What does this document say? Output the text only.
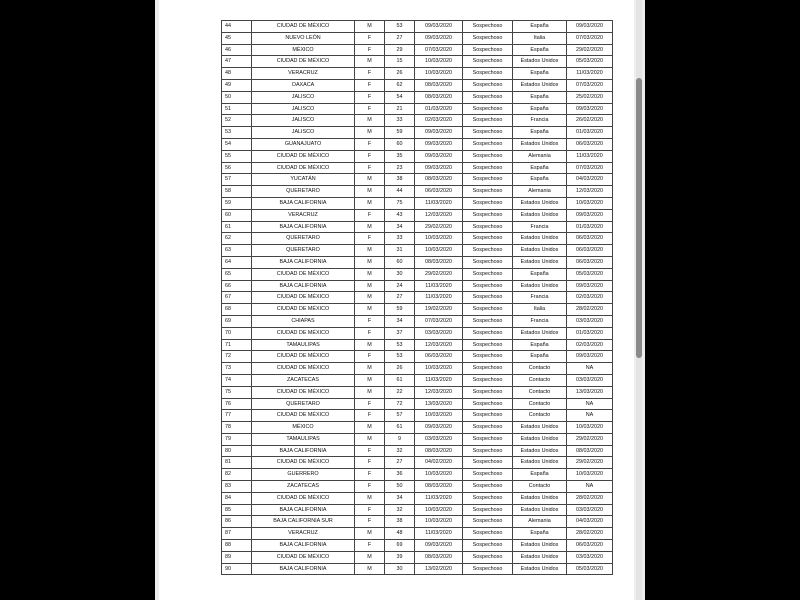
44	CIUDAD DE MÉXICO	M	53	09/03/2020	Sospechoso	España	09/03/2020
45	NUEVO LEÓN	F	27	09/03/2020	Sospechoso	Italia	07/03/2020
46	MÉXICO	F	29	07/03/2020	Sospechoso	España	29/02/2020
47	CIUDAD DE MÉXICO	M	15	10/03/2020	Sospechoso	Estados Unidos	05/03/2020
48	VERACRUZ	F	26	10/03/2020	Sospechoso	España	11/03/2020
49	OAXACA	F	62	08/03/2020	Sospechoso	Estados Unidos	07/03/2020
50	JALISCO	F	54	08/03/2020	Sospechoso	España	25/02/2020
51	JALISCO	F	21	01/03/2020	Sospechoso	España	09/03/2020
52	JALISCO	M	33	02/03/2020	Sospechoso	Francia	26/02/2020
53	JALISCO	M	59	09/03/2020	Sospechoso	España	01/03/2020
54	GUANAJUATO	F	60	09/03/2020	Sospechoso	Estados Unidos	06/03/2020
55	CIUDAD DE MÉXICO	F	35	09/03/2020	Sospechoso	Alemania	11/03/2020
56	CIUDAD DE MÉXICO	F	23	09/03/2020	Sospechoso	España	07/03/2020
57	YUCATÁN	M	38	08/03/2020	Sospechoso	España	04/03/2020
58	QUERETARO	M	44	06/03/2020	Sospechoso	Alemania	12/03/2020
59	BAJA CALIFORNIA	M	75	11/03/2020	Sospechoso	Estados Unidos	10/03/2020
60	VERACRUZ	F	43	12/03/2020	Sospechoso	Estados Unidos	09/03/2020
61	BAJA CALIFORNIA	M	34	29/02/2020	Sospechoso	Francia	01/03/2020
62	QUERETARO	F	33	10/03/2020	Sospechoso	Estados Unidos	06/03/2020
63	QUERETARO	M	31	10/03/2020	Sospechoso	Estados Unidos	06/03/2020
64	BAJA CALIFORNIA	M	60	08/03/2020	Sospechoso	Estados Unidos	06/03/2020
65	CIUDAD DE MÉXICO	M	30	29/02/2020	Sospechoso	España	05/03/2020
66	BAJA CALIFORNIA	M	24	11/03/2020	Sospechoso	Estados Unidos	09/03/2020
67	CIUDAD DE MÉXICO	M	27	11/03/2020	Sospechoso	Francia	02/03/2020
68	CIUDAD DE MÉXICO	M	59	19/02/2020	Sospechoso	Italia	28/02/2020
69	CHIAPAS	F	34	07/03/2020	Sospechoso	Francia	03/03/2020
70	CIUDAD DE MÉXICO	F	37	03/03/2020	Sospechoso	Estados Unidos	01/03/2020
71	TAMAULIPAS	M	53	12/03/2020	Sospechoso	España	02/03/2020
72	CIUDAD DE MÉXICO	F	53	06/03/2020	Sospechoso	España	09/03/2020
73	CIUDAD DE MÉXICO	M	26	10/03/2020	Sospechoso	Contacto	NA
74	ZACATECAS	M	61	11/03/2020	Sospechoso	Contacto	03/03/2020
75	CIUDAD DE MÉXICO	M	22	12/03/2020	Sospechoso	Contacto	13/03/2020
76	QUERETARO	F	72	13/03/2020	Sospechoso	Contacto	NA
77	CIUDAD DE MÉXICO	F	57	10/03/2020	Sospechoso	Contacto	NA
78	MÉXICO	M	61	09/03/2020	Sospechoso	Estados Unidos	10/03/2020
79	TAMAULIPAS	M	9	03/03/2020	Sospechoso	Estados Unidos	29/02/2020
80	BAJA CALIFORNIA	F	32	08/03/2020	Sospechoso	Estados Unidos	08/03/2020
81	CIUDAD DE MÉXICO	F	27	04/02/2020	Sospechoso	Estados Unidos	29/02/2020
82	GUERRERO	F	36	10/03/2020	Sospechoso	España	10/03/2020
83	ZACATECAS	F	50	08/03/2020	Sospechoso	Contacto	NA
84	CIUDAD DE MÉXICO	M	34	11/03/2020	Sospechoso	Estados Unidos	28/02/2020
85	BAJA CALIFORNIA	F	32	10/03/2020	Sospechoso	Estados Unidos	03/03/2020
86	BAJA CALIFORNIA SUR	F	38	10/03/2020	Sospechoso	Alemania	04/03/2020
87	VERACRUZ	M	48	11/03/2020	Sospechoso	España	28/02/2020
88	BAJA CALIFORNIA	F	69	09/03/2020	Sospechoso	Estados Unidos	06/03/2020
89	CIUDAD DE MÉXICO	M	39	08/03/2020	Sospechoso	Estados Unidos	03/03/2020
90	BAJA CALIFORNIA	M	30	13/02/2020	Sospechoso	Estados Unidos	05/03/2020
